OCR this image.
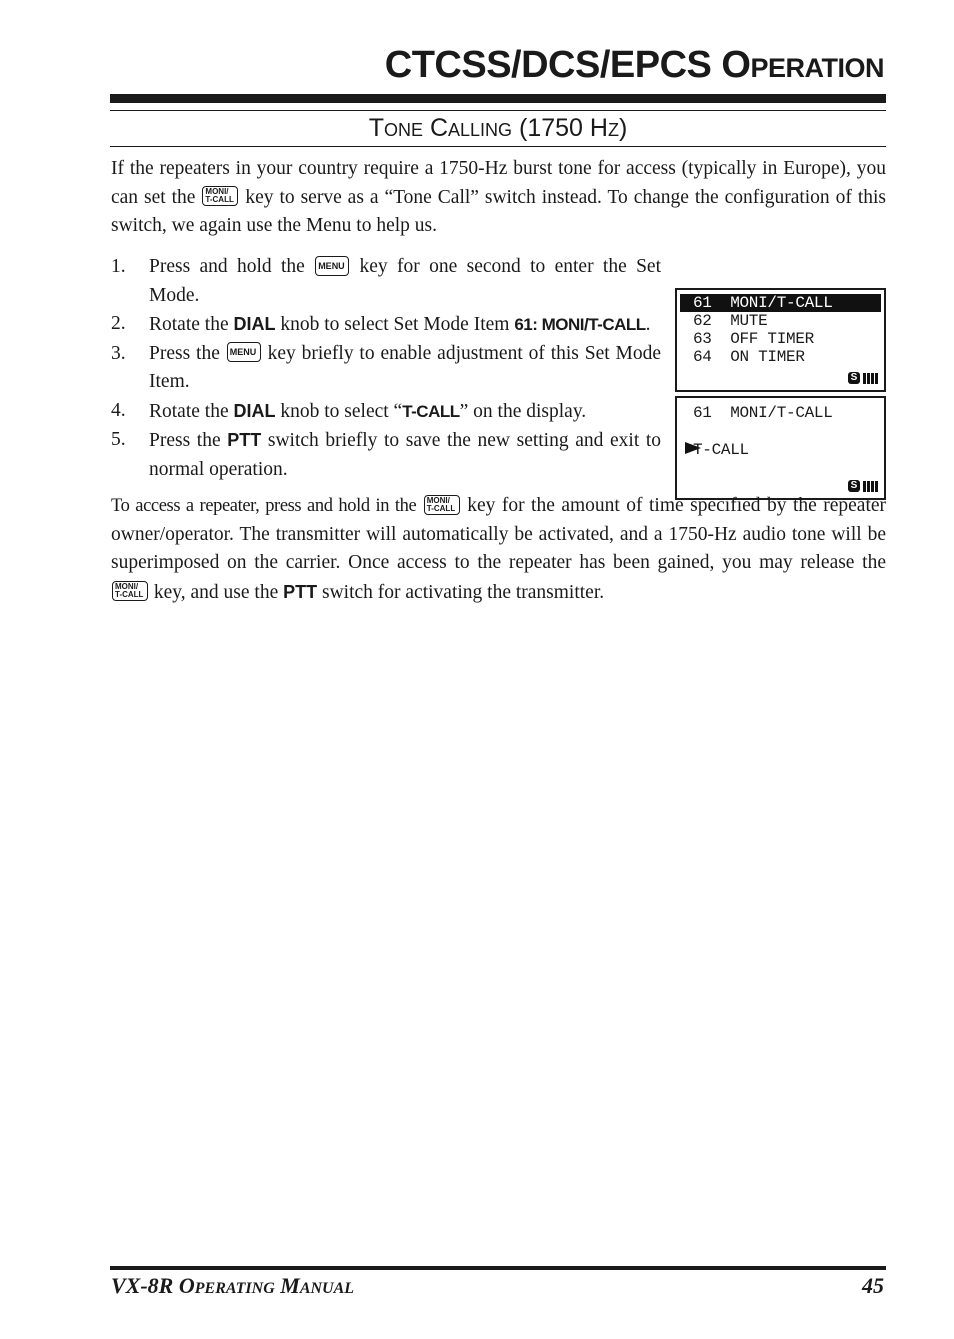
CTCSS/DCS/EPCS OPERATION
TONE CALLING (1750 HZ)

If the repeaters in your country require a 1750-Hz burst tone for access (typically in Europe), you can set the MONI/
T-CALL key to serve as a “Tone Call” switch instead. To change the configuration of this switch, we again use the Menu to help us.

1. Press and hold the MENU key for one second to enter the Set Mode.
2. Rotate the DIAL knob to select Set Mode Item 61: MONI/T-CALL.
3. Press the MENU key briefly to enable adjustment of this Set Mode Item.
4. Rotate the DIAL knob to select “T-CALL” on the display.
5. Press the PTT switch briefly to save the new setting and exit to normal operation.
61  MONI/T-CALL
62  MUTE
63  OFF TIMER
64  ON TIMER
S
61  MONI/T-CALL
T-CALL
S

To access a repeater, press and hold in the MONI/
T-CALL key for the amount of time specified by the repeater owner/operator. The transmitter will automatically be activated, and a 1750-Hz audio tone will be superimposed on the carrier. Once access to the repeater has been gained, you may release the
MONI/
T-CALL key, and use the PTT switch for activating the transmitter.

VX-8R OPERATING MANUAL	45
